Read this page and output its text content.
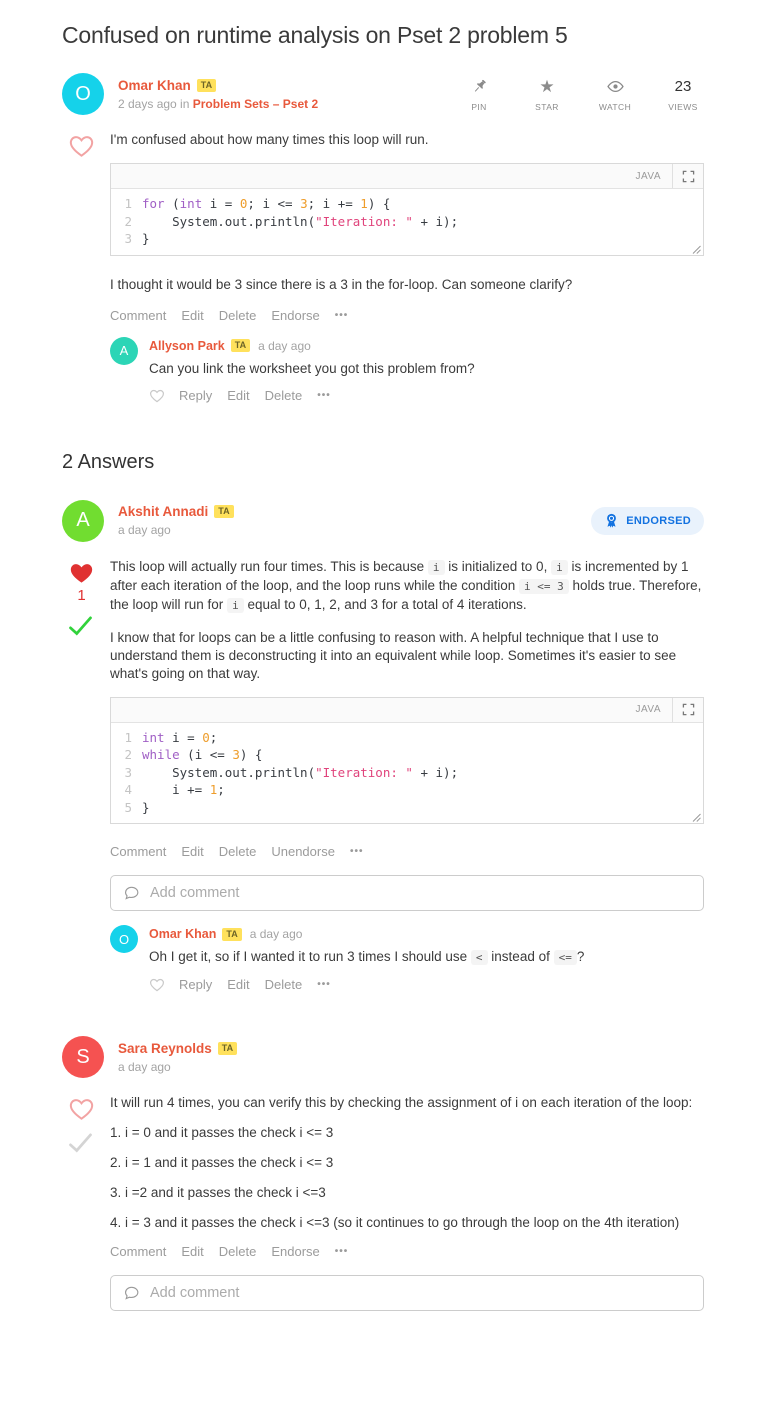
Confused on runtime analysis on Pset 2 problem 5
O	Omar Khan	TA
2 days ago in Problem Sets – Pset 2	PIN
★
STAR	WATCH
23
VIEWS

I'm confused about how many times this loop will run.

JAVA
1 for (int i = 0; i <= 3; i += 1) {
2 System.out.println("Iteration: " + i);
3 }

I thought it would be 3 since there is a 3 in the for-loop. Can someone clarify?

Comment Edit Delete Endorse •••
A	Allyson Park	TA	a day ago
Can you link the worksheet you got this problem from?
Reply Edit Delete •••
2 Answers
A	Akshit Annadi	TA
a day ago
ENDORSED
1

This loop will actually run four times. This is because i is initialized to 0, i is incremented by 1 after each iteration of the loop, and the loop runs while the condition i <= 3 holds true. Therefore, the loop will run for i equal to 0, 1, 2, and 3 for a total of 4 iterations.

I know that for loops can be a little confusing to reason with. A helpful technique that I use to understand them is deconstructing it into an equivalent while loop. Sometimes it's easier to see what's going on that way.

JAVA
1 int i = 0;
2 while (i <= 3) {
3 System.out.println("Iteration: " + i);
4 i += 1;
5 }
Comment Edit Delete Unendorse •••
Add comment
O	Omar Khan	TA	a day ago
Oh I get it, so if I wanted it to run 3 times I should use < instead of <= ?
Reply Edit Delete •••
S	Sara Reynolds	TA
a day ago

It will run 4 times, you can verify this by checking the assignment of i on each iteration of the loop:

1. i = 0 and it passes the check i <= 3

2. i = 1 and it passes the check i <= 3

3. i =2 and it passes the check i <=3

4. i = 3 and it passes the check i <=3 (so it continues to go through the loop on the 4th iteration)

Comment Edit Delete Endorse •••
Add comment
